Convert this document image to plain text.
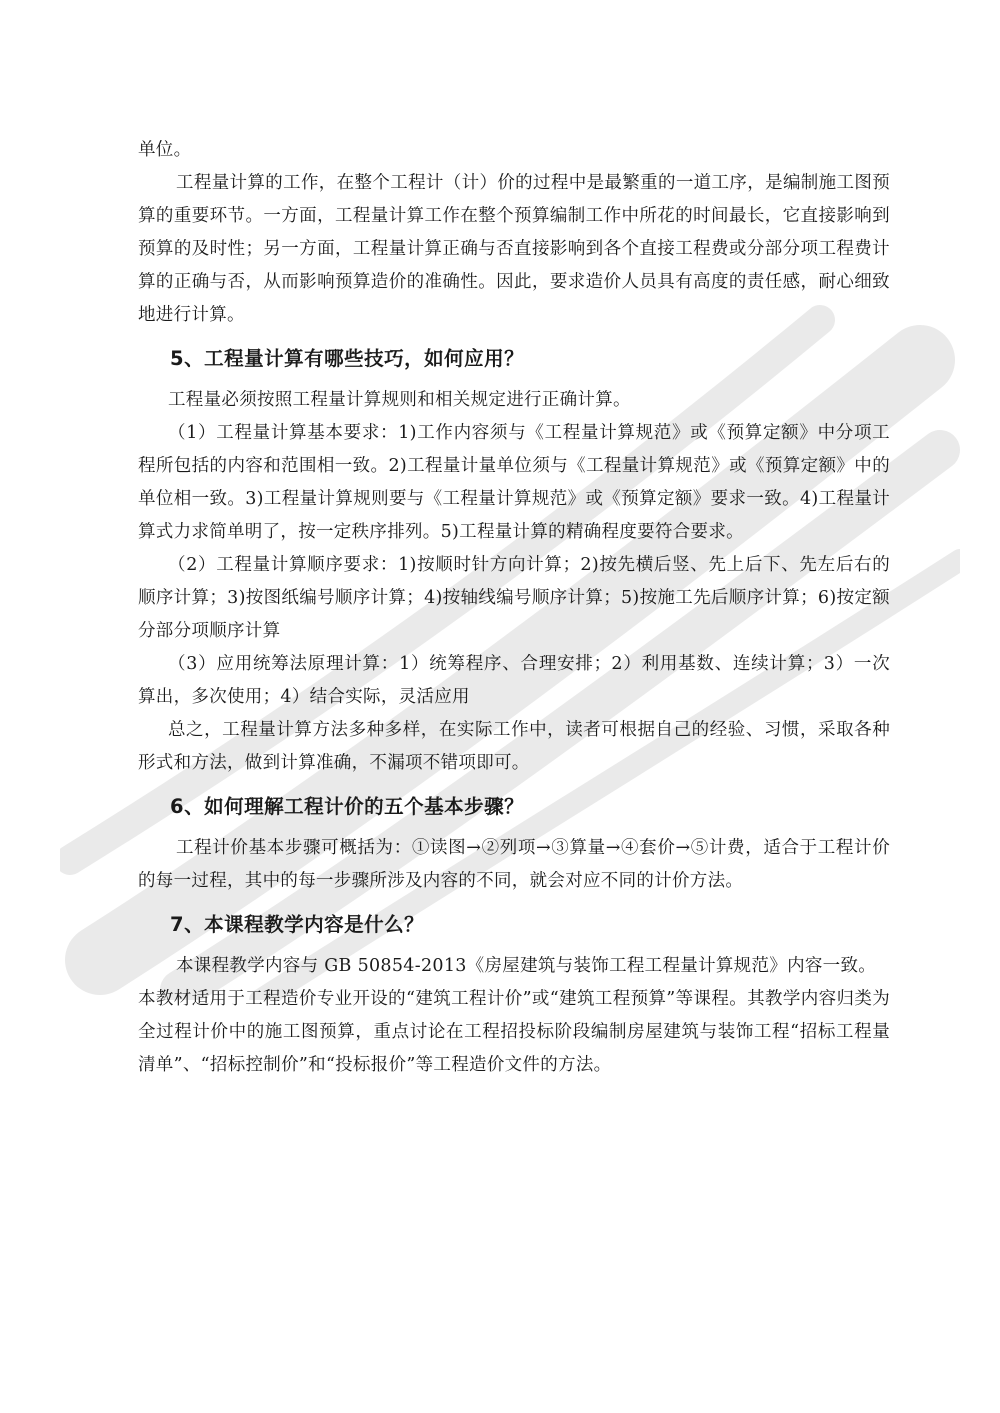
单位。

工程量计算的工作，在整个工程计（计）价的过程中是最繁重的一道工序，是编制施工图预算的重要环节。一方面，工程量计算工作在整个预算编制工作中所花的时间最长，它直接影响到预算的及时性；另一方面，工程量计算正确与否直接影响到各个直接工程费或分部分项工程费计算的正确与否，从而影响预算造价的准确性。因此，要求造价人员具有高度的责任感，耐心细致地进行计算。

5、工程量计算有哪些技巧，如何应用？

工程量必须按照工程量计算规则和相关规定进行正确计算。

（1）工程量计算基本要求：1)工作内容须与《工程量计算规范》或《预算定额》中分项工程所包括的内容和范围相一致。2)工程量计量单位须与《工程量计算规范》或《预算定额》中的单位相一致。3)工程量计算规则要与《工程量计算规范》或《预算定额》要求一致。4)工程量计算式力求简单明了，按一定秩序排列。5)工程量计算的精确程度要符合要求。

（2）工程量计算顺序要求：1)按顺时针方向计算；2)按先横后竖、先上后下、先左后右的顺序计算；3)按图纸编号顺序计算；4)按轴线编号顺序计算；5)按施工先后顺序计算；6)按定额分部分项顺序计算

（3）应用统筹法原理计算：1）统筹程序、合理安排；2）利用基数、连续计算；3）一次算出，多次使用；4）结合实际，灵活应用

总之，工程量计算方法多种多样，在实际工作中，读者可根据自己的经验、习惯，采取各种形式和方法，做到计算准确，不漏项不错项即可。

6、如何理解工程计价的五个基本步骤？

工程计价基本步骤可概括为：①读图→②列项→③算量→④套价→⑤计费，适合于工程计价的每一过程，其中的每一步骤所涉及内容的不同，就会对应不同的计价方法。

7、本课程教学内容是什么？

本课程教学内容与 GB 50854-2013《房屋建筑与装饰工程工程量计算规范》内容一致。

本教材适用于工程造价专业开设的“建筑工程计价”或“建筑工程预算”等课程。其教学内容归类为全过程计价中的施工图预算，重点讨论在工程招投标阶段编制房屋建筑与装饰工程“招标工程量清单”、“招标控制价”和“投标报价”等工程造价文件的方法。
